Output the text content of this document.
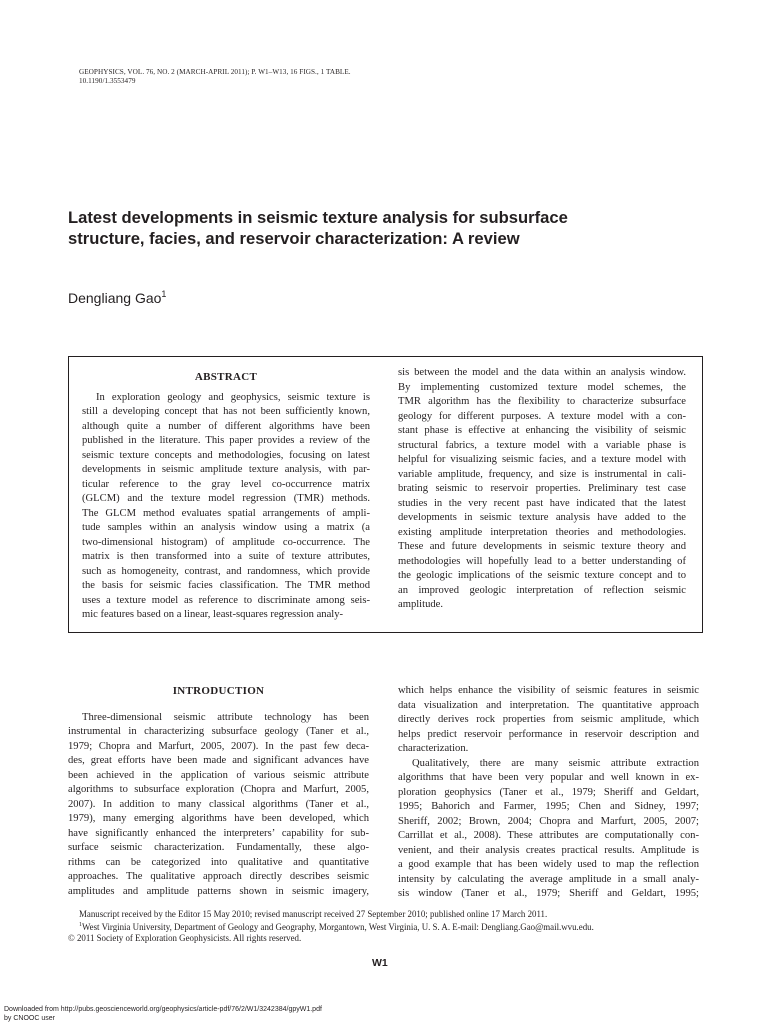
GEOPHYSICS, VOL. 76, NO. 2 (MARCH-APRIL 2011); P. W1–W13, 16 FIGS., 1 TABLE.
10.1190/1.3553479
Latest developments in seismic texture analysis for subsurface
structure, facies, and reservoir characterization: A review
Dengliang Gao$^1$
ABSTRACT

In exploration geology and geophysics, seismic texture is
still a developing concept that has not been sufficiently known,
although quite a number of different algorithms have been
published in the literature. This paper provides a review of the
seismic texture concepts and methodologies, focusing on latest
developments in seismic amplitude texture analysis, with par-
ticular reference to the gray level co-occurrence matrix
(GLCM) and the texture model regression (TMR) methods.
The GLCM method evaluates spatial arrangements of ampli-
tude samples within an analysis window using a matrix (a
two-dimensional histogram) of amplitude co-occurrence. The
matrix is then transformed into a suite of texture attributes,
such as homogeneity, contrast, and randomness, which provide
the basis for seismic facies classification. The TMR method
uses a texture model as reference to discriminate among seis-
mic features based on a linear, least-squares regression analy-

sis between the model and the data within an analysis window.
By implementing customized texture model schemes, the
TMR algorithm has the flexibility to characterize subsurface
geology for different purposes. A texture model with a con-
stant phase is effective at enhancing the visibility of seismic
structural fabrics, a texture model with a variable phase is
helpful for visualizing seismic facies, and a texture model with
variable amplitude, frequency, and size is instrumental in cali-
brating seismic to reservoir properties. Preliminary test case
studies in the very recent past have indicated that the latest
developments in seismic texture analysis have added to the
existing amplitude interpretation theories and methodologies.
These and future developments in seismic texture theory and
methodologies will hopefully lead to a better understanding of
the geologic implications of the seismic texture concept and to
an improved geologic interpretation of reflection seismic
amplitude.

INTRODUCTION

Three-dimensional seismic attribute technology has been
instrumental in characterizing subsurface geology (Taner et al.,
1979; Chopra and Marfurt, 2005, 2007). In the past few deca-
des, great efforts have been made and significant advances have
been achieved in the application of various seismic attribute
algorithms to subsurface exploration (Chopra and Marfurt, 2005,
2007). In addition to many classical algorithms (Taner et al.,
1979), many emerging algorithms have been developed, which
have significantly enhanced the interpreters’ capability for sub-
surface seismic characterization. Fundamentally, these algo-
rithms can be categorized into qualitative and quantitative
approaches. The qualitative approach directly describes seismic
amplitudes and amplitude patterns shown in seismic imagery,

which helps enhance the visibility of seismic features in seismic
data visualization and interpretation. The quantitative approach
directly derives rock properties from seismic amplitude, which
helps predict reservoir performance in reservoir description and
characterization.

Qualitatively, there are many seismic attribute extraction
algorithms that have been very popular and well known in ex-
ploration geophysics (Taner et al., 1979; Sheriff and Geldart,
1995; Bahorich and Farmer, 1995; Chen and Sidney, 1997;
Sheriff, 2002; Brown, 2004; Chopra and Marfurt, 2005, 2007;
Carrillat et al., 2008). These attributes are computationally con-
venient, and their analysis creates practical results. Amplitude is
a good example that has been widely used to map the reflection
intensity by calculating the average amplitude in a small analy-
sis window (Taner et al., 1979; Sheriff and Geldart, 1995;

Manuscript received by the Editor 15 May 2010; revised manuscript received 27 September 2010; published online 17 March 2011.
$^1$West Virginia University, Department of Geology and Geography, Morgantown, West Virginia, U. S. A. E-mail: Dengliang.Gao@mail.wvu.edu.
© 2011 Society of Exploration Geophysicists. All rights reserved.
W1
Downloaded from http://pubs.geoscienceworld.org/geophysics/article-pdf/76/2/W1/3242384/gpyW1.pdf
by CNOOC user
